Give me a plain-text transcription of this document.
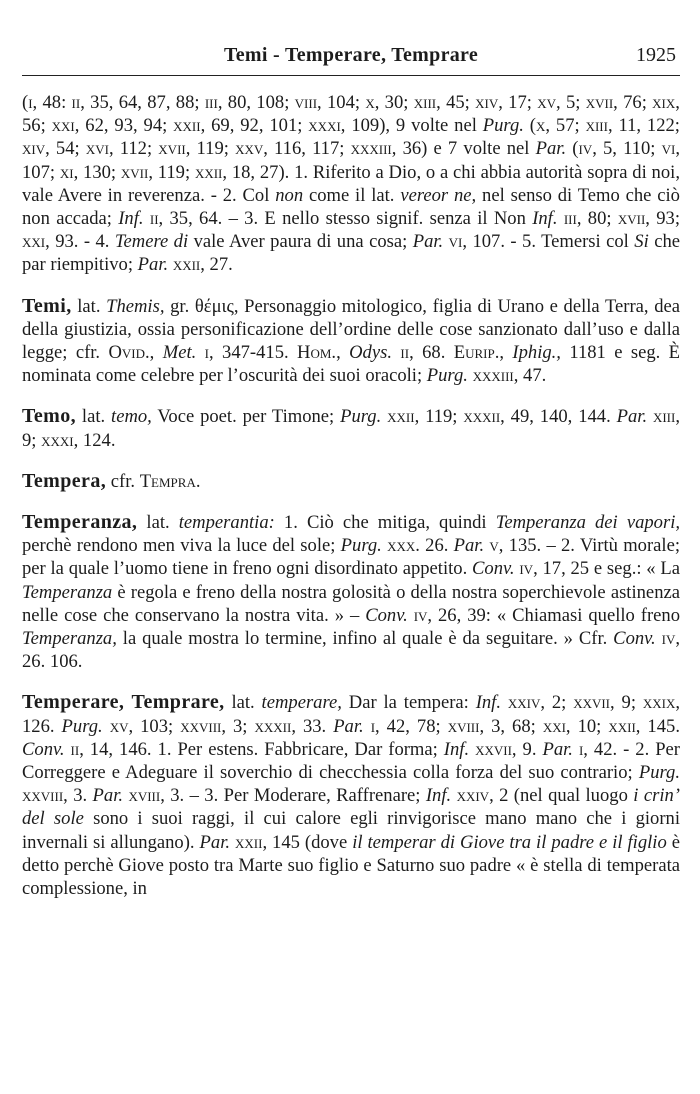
Temi - Temperare, Temprare	1925

(i, 48: ii, 35, 64, 87, 88; iii, 80, 108; viii, 104; x, 30; xiii, 45; xiv, 17; xv, 5; xvii, 76; xix, 56; xxi, 62, 93, 94; xxii, 69, 92, 101; xxxi, 109), 9 volte nel Purg. (x, 57; xiii, 11, 122; xiv, 54; xvi, 112; xvii, 119; xxv, 116, 117; xxxiii, 36) e 7 volte nel Par. (iv, 5, 110; vi, 107; xi, 130; xvii, 119; xxii, 18, 27). 1. Riferito a Dio, o a chi abbia autorità sopra di noi, vale Avere in reverenza. - 2. Col non come il lat. vereor ne, nel senso di Temo che ciò non accada; Inf. ii, 35, 64. – 3. E nello stesso signif. senza il Non Inf. iii, 80; xvii, 93; xxi, 93. - 4. Temere di vale Aver paura di una cosa; Par. vi, 107. - 5. Temersi col Si che par riempitivo; Par. xxii, 27.

Temi, lat. Themis, gr. θέμις, Personaggio mitologico, figlia di Urano e della Terra, dea della giustizia, ossia personificazione dell’ordine delle cose sanzionato dall’uso e dalla legge; cfr. Ovid., Met. i, 347-415. Hom., Odys. ii, 68. Eurip., Iphig., 1181 e seg. È nominata come celebre per l’oscurità dei suoi oracoli; Purg. xxxiii, 47.

Temo, lat. temo, Voce poet. per Timone; Purg. xxii, 119; xxxii, 49, 140, 144. Par. xiii, 9; xxxi, 124.

Tempera, cfr. Tempra.

Temperanza, lat. temperantia: 1. Ciò che mitiga, quindi Temperanza dei vapori, perchè rendono men viva la luce del sole; Purg. xxx. 26. Par. v, 135. – 2. Virtù morale; per la quale l’uomo tiene in freno ogni disordinato appetito. Conv. iv, 17, 25 e seg.: « La Temperanza è regola e freno della nostra golosità o della nostra soperchievole astinenza nelle cose che conservano la nostra vita. » – Conv. iv, 26, 39: « Chiamasi quello freno Temperanza, la quale mostra lo termine, infino al quale è da seguitare. » Cfr. Conv. iv, 26. 106.

Temperare, Temprare, lat. temperare, Dar la tempera: Inf. xxiv, 2; xxvii, 9; xxix, 126. Purg. xv, 103; xxviii, 3; xxxii, 33. Par. i, 42, 78; xviii, 3, 68; xxi, 10; xxii, 145. Conv. ii, 14, 146. 1. Per estens. Fabbricare, Dar forma; Inf. xxvii, 9. Par. i, 42. - 2. Per Correggere e Adeguare il soverchio di checchessia colla forza del suo contrario; Purg. xxviii, 3. Par. xviii, 3. – 3. Per Moderare, Raffrenare; Inf. xxiv, 2 (nel qual luogo i crin’ del sole sono i suoi raggi, il cui calore egli rinvigorisce mano mano che i giorni invernali si allungano). Par. xxii, 145 (dove il temperar di Giove tra il padre e il figlio è detto perchè Giove posto tra Marte suo figlio e Saturno suo padre « è stella di temperata complessione, in
